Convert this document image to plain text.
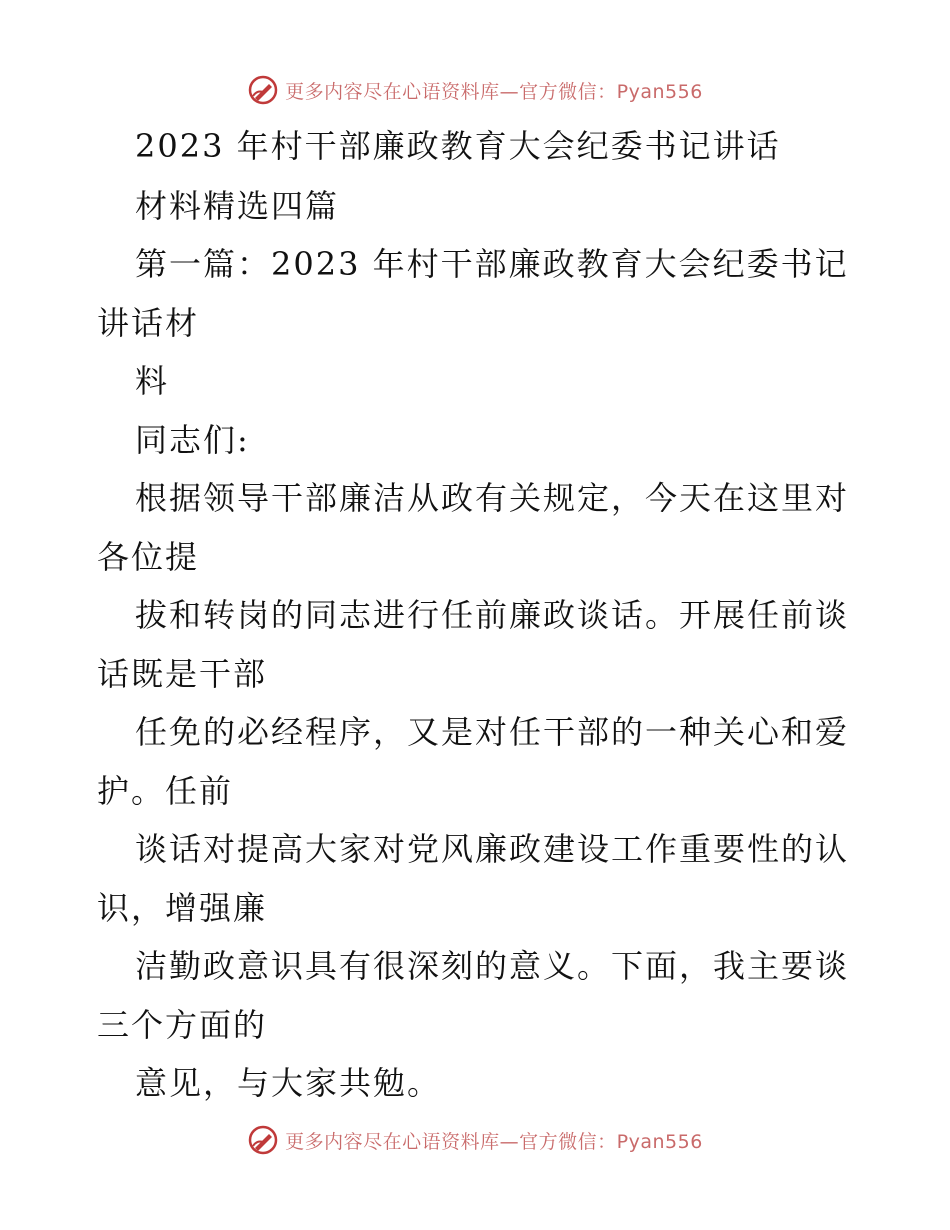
更多内容尽在心语资料库—官方微信：Pyan556
2023 年村干部廉政教育大会纪委书记讲话
材料精选四篇
第一篇：2023 年村干部廉政教育大会纪委书记
讲话材
料
同志们:
根据领导干部廉洁从政有关规定，今天在这里对
各位提
拔和转岗的同志进行任前廉政谈话。开展任前谈
话既是干部
任免的必经程序，又是对任干部的一种关心和爱
护。任前
谈话对提高大家对党风廉政建设工作重要性的认
识，增强廉
洁勤政意识具有很深刻的意义。下面，我主要谈
三个方面的
意见，与大家共勉。
更多内容尽在心语资料库—官方微信：Pyan556
